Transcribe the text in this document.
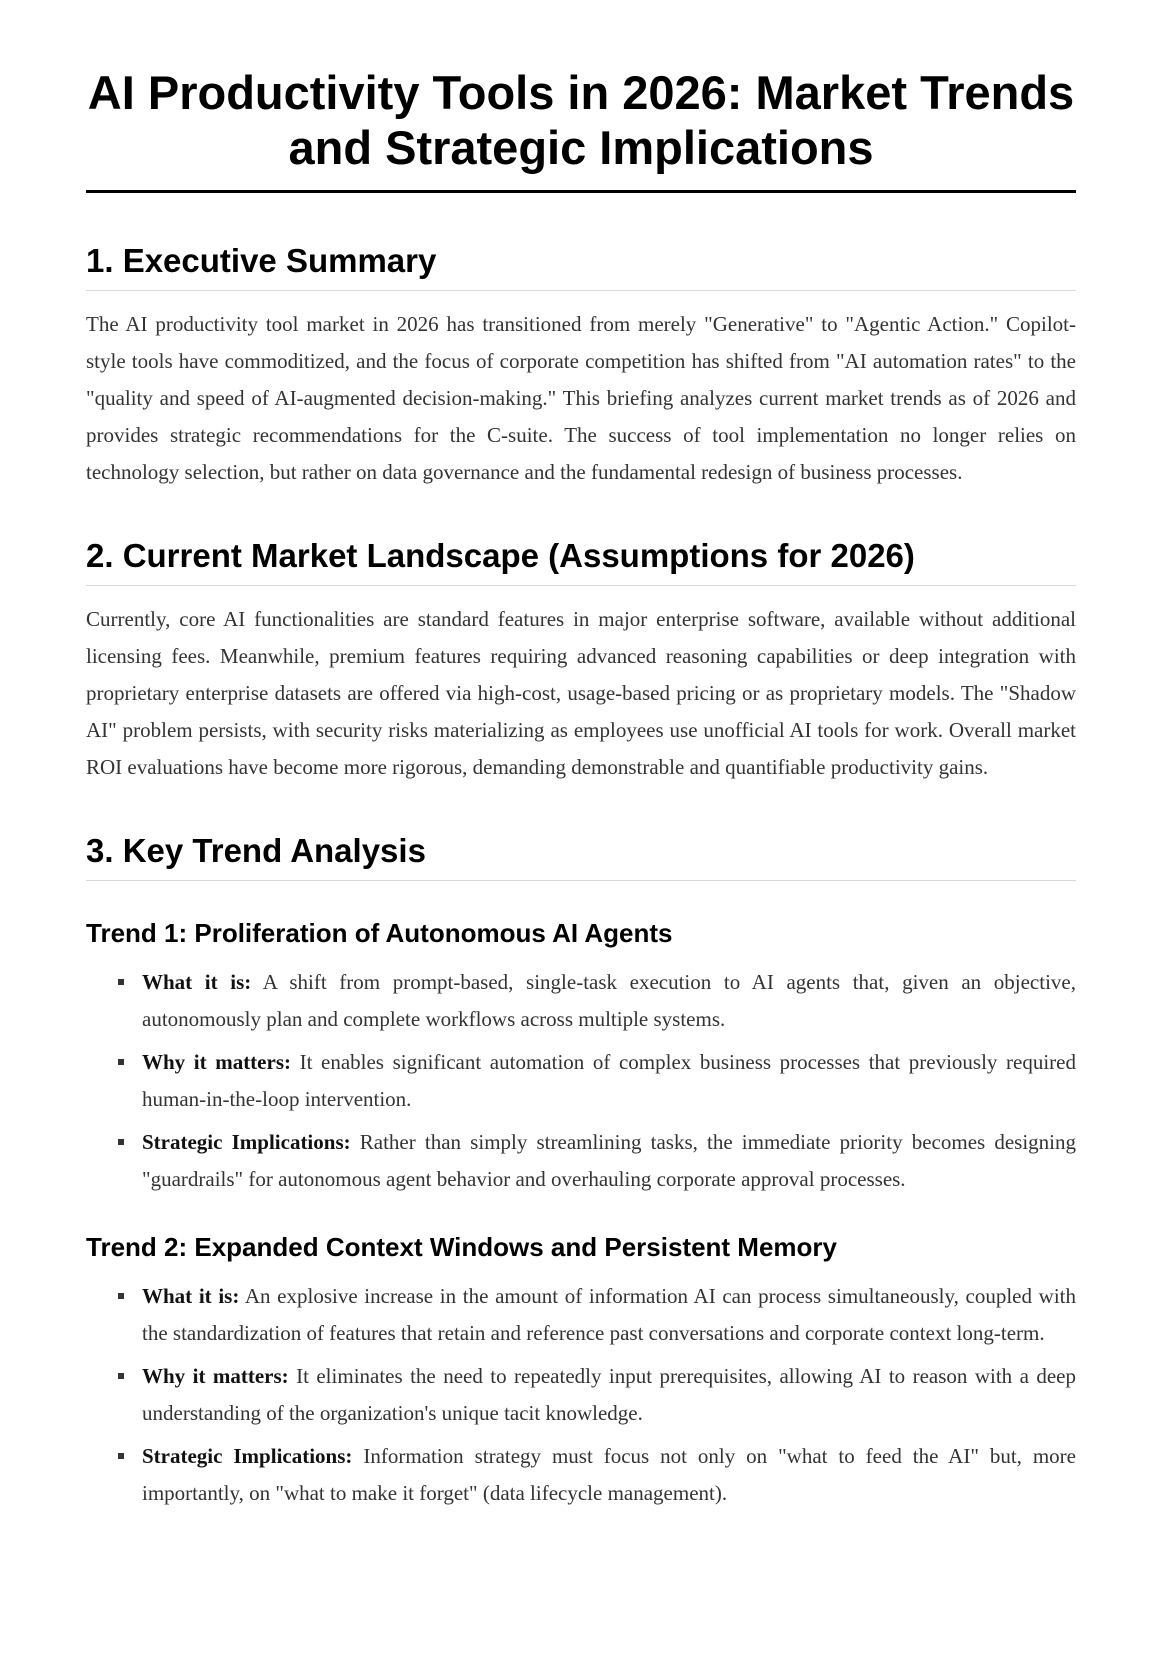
AI Productivity Tools in 2026: Market Trends and Strategic Implications
1. Executive Summary

The AI productivity tool market in 2026 has transitioned from merely "Generative" to "Agentic Action." Copilot-style tools have commoditized, and the focus of corporate competition has shifted from "AI automation rates" to the "quality and speed of AI-augmented decision-making." This briefing analyzes current market trends as of 2026 and provides strategic recommendations for the C-suite. The success of tool implementation no longer relies on technology selection, but rather on data governance and the fundamental redesign of business processes.

2. Current Market Landscape (Assumptions for 2026)

Currently, core AI functionalities are standard features in major enterprise software, available without additional licensing fees. Meanwhile, premium features requiring advanced reasoning capabilities or deep integration with proprietary enterprise datasets are offered via high-cost, usage-based pricing or as proprietary models. The "Shadow AI" problem persists, with security risks materializing as employees use unofficial AI tools for work. Overall market ROI evaluations have become more rigorous, demanding demonstrable and quantifiable productivity gains.

3. Key Trend Analysis
Trend 1: Proliferation of Autonomous AI Agents
What it is: A shift from prompt-based, single-task execution to AI agents that, given an objective, autonomously plan and complete workflows across multiple systems.
Why it matters: It enables significant automation of complex business processes that previously required human-in-the-loop intervention.
Strategic Implications: Rather than simply streamlining tasks, the immediate priority becomes designing "guardrails" for autonomous agent behavior and overhauling corporate approval processes.
Trend 2: Expanded Context Windows and Persistent Memory
What it is: An explosive increase in the amount of information AI can process simultaneously, coupled with the standardization of features that retain and reference past conversations and corporate context long-term.
Why it matters: It eliminates the need to repeatedly input prerequisites, allowing AI to reason with a deep understanding of the organization's unique tacit knowledge.
Strategic Implications: Information strategy must focus not only on "what to feed the AI" but, more importantly, on "what to make it forget" (data lifecycle management).
